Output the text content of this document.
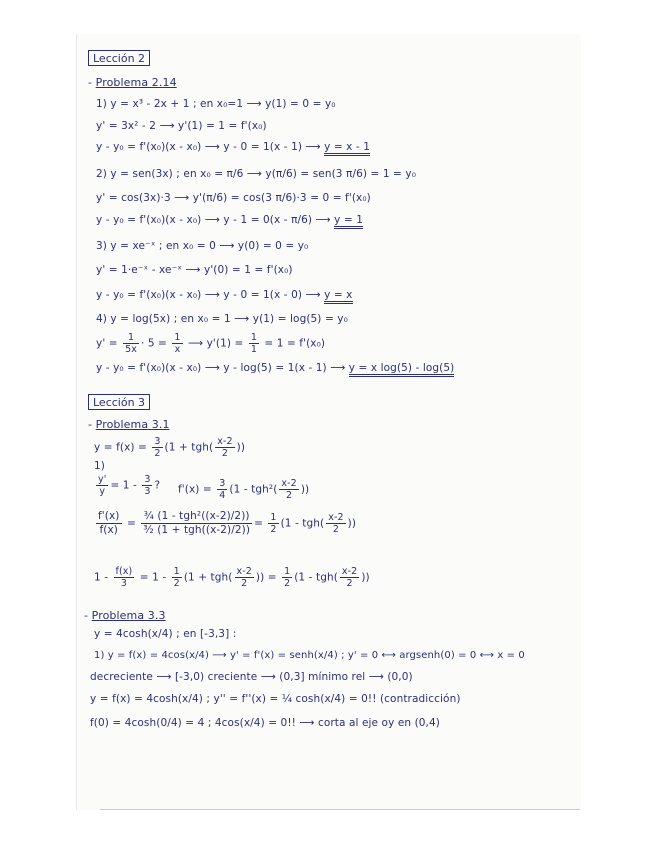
Lección 2
- Problema 2.14
1) y = x³ - 2x + 1 ; en x₀=1 ⟶ y(1) = 0 = y₀
y' = 3x² - 2 ⟶ y'(1) = 1 = f'(x₀)
y - y₀ = f'(x₀)(x - x₀) ⟶ y - 0 = 1(x - 1) ⟶ y = x - 1
2) y = sen(3x) ; en x₀ = π/6 ⟶ y(π/6) = sen(3 π/6) = 1 = y₀
y' = cos(3x)·3 ⟶ y'(π/6) = cos(3 π/6)·3 = 0 = f'(x₀)
y - y₀ = f'(x₀)(x - x₀) ⟶ y - 1 = 0(x - π/6) ⟶ y = 1
3) y = xe⁻ˣ ; en x₀ = 0 ⟶ y(0) = 0 = y₀
y' = 1·e⁻ˣ - xe⁻ˣ ⟶ y'(0) = 1 = f'(x₀)
y - y₀ = f'(x₀)(x - x₀) ⟶ y - 0 = 1(x - 0) ⟶ y = x
4) y = log(5x) ; en x₀ = 1 ⟶ y(1) = log(5) = y₀
$y' = \frac{1}{5x} \cdot 5 = \frac{1}{x}$ ⟶ $y'(1) = \frac{1}{1} = 1 = f'(x_0)$
y - y₀ = f'(x₀)(x - x₀) ⟶ y - log(5) = 1(x - 1) ⟶ y = x log(5) - log(5)
Lección 3
- Problema 3.1
$y = f(x) = \frac{3}{2} (1 + tgh( \frac{x-2}{2}$ ))
1)
$\frac{y'}{y} = 1 - \frac{3}{3}$ ? $f'(x) = \frac{3}{4} (1 - tgh^2( \frac{x-2}{2}$ ))
$\frac{f'(x)}{f(x)} = \frac{\text{¾ (1 - tgh²((x-2)/2))}}{\text{³⁄₂ (1 + tgh((x-2)/2))}} = \frac{1}{2} (1 - tgh( \frac{x-2}{2}$ ))
$1 - \frac{f(x)}{3} = 1 - \frac{1}{2} (1 + tgh( \frac{x-2}{2}$ )) = $\frac{1}{2} (1 - tgh( \frac{x-2}{2}$ ))
- Problema 3.3
y = 4cosh(x/4) ; en [-3,3] :
1) y = f(x) = 4cos(x/4) ⟶ y' = f'(x) = senh(x/4) ; y' = 0 ⟷ argsenh(0) = 0 ⟷ x = 0
decreciente ⟶ [-3,0) creciente ⟶ (0,3] mínimo rel ⟶ (0,0)
y = f(x) = 4cosh(x/4) ; y'' = f''(x) = ¼ cosh(x/4) = 0!! (contradicción)
f(0) = 4cosh(0/4) = 4 ; 4cos(x/4) = 0!! ⟶ corta al eje oy en (0,4)
